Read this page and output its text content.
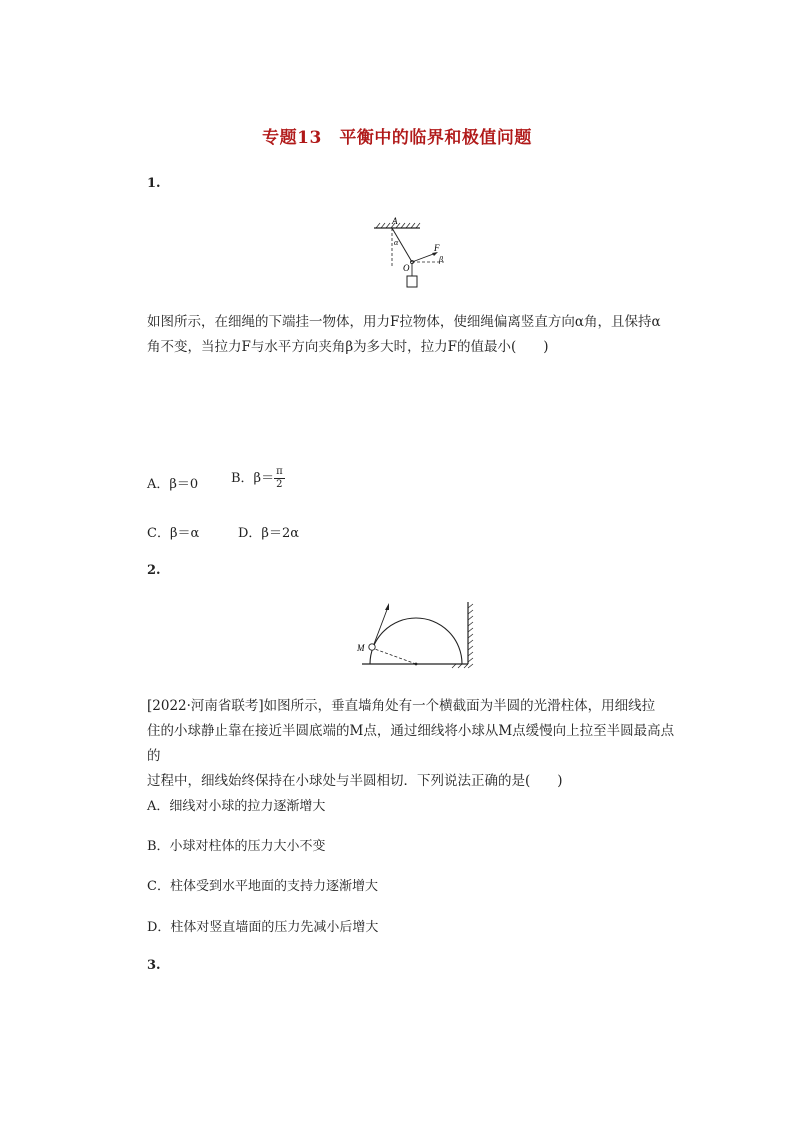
专题13　平衡中的临界和极值问题
1.
A
α
F
β
O
如图所示，在细绳的下端挂一物体，用力F拉物体，使细绳偏离竖直方向α角，且保持α
角不变，当拉力F与水平方向夹角β为多大时，拉力F的值最小(　　)
A．β＝0	B．$\beta= \frac{\pi}{2}$
C．β＝α	D．β＝2α
2.
M
[2022·河南省联考]如图所示，垂直墙角处有一个横截面为半圆的光滑柱体，用细线拉
住的小球静止靠在接近半圆底端的M点，通过细线将小球从M点缓慢向上拉至半圆最高点的
过程中，细线始终保持在小球处与半圆相切．下列说法正确的是(　　)
A．细线对小球的拉力逐渐增大
B．小球对柱体的压力大小不变
C．柱体受到水平地面的支持力逐渐增大
D．柱体对竖直墙面的压力先减小后增大
3.
